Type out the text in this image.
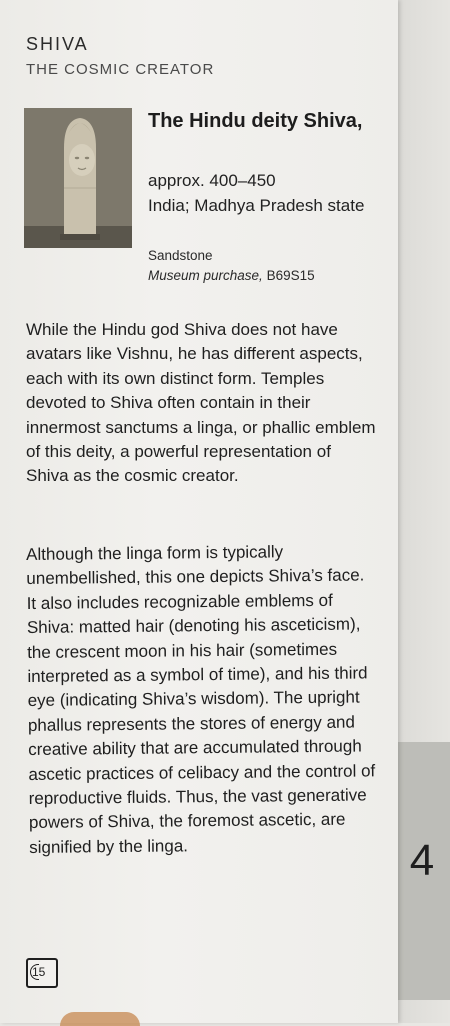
4
SHIVA
THE COSMIC CREATOR
The Hindu deity Shiva,
approx. 400–450
India; Madhya Pradesh state
Sandstone
Museum purchase, B69S15
While the Hindu god Shiva does not have avatars like Vishnu, he has different aspects, each with its own distinct form. Temples devoted to Shiva often contain in their innermost sanctums a linga, or phallic emblem of this deity, a powerful representation of Shiva as the cosmic creator.
Although the linga form is typically unembellished, this one depicts Shiva’s face. It also includes recognizable emblems of Shiva: matted hair (denoting his asceticism), the crescent moon in his hair (sometimes interpreted as a symbol of time), and his third eye (indicating Shiva’s wisdom). The upright phallus represents the stores of energy and creative ability that are accumulated through ascetic practices of celibacy and the control of reproductive fluids. Thus, the vast generative powers of Shiva, the foremost ascetic, are signified by the linga.
15
